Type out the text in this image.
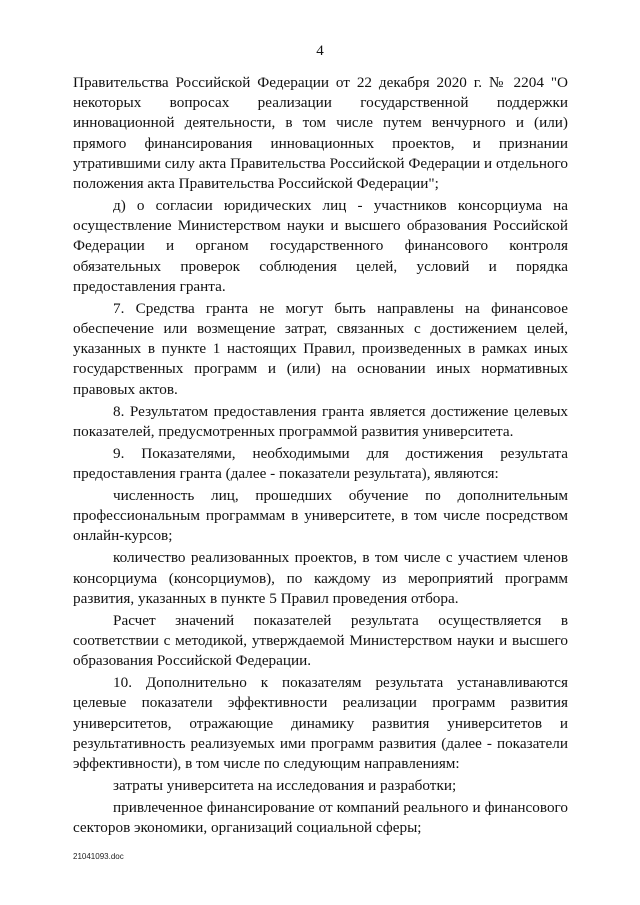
4

Правительства Российской Федерации от 22 декабря 2020 г. № 2204 "О некоторых вопросах реализации государственной поддержки инновационной деятельности, в том числе путем венчурного и (или) прямого финансирования инновационных проектов, и признании утратившими силу акта Правительства Российской Федерации и отдельного положения акта Правительства Российской Федерации";

д) о согласии юридических лиц - участников консорциума на осуществление Министерством науки и высшего образования Российской Федерации и органом государственного финансового контроля обязательных проверок соблюдения целей, условий и порядка предоставления гранта.

7. Средства гранта не могут быть направлены на финансовое обеспечение или возмещение затрат, связанных с достижением целей, указанных в пункте 1 настоящих Правил, произведенных в рамках иных государственных программ и (или) на основании иных нормативных правовых актов.

8. Результатом предоставления гранта является достижение целевых показателей, предусмотренных программой развития университета.

9. Показателями, необходимыми для достижения результата предоставления гранта (далее - показатели результата), являются:

численность лиц, прошедших обучение по дополнительным профессиональным программам в университете, в том числе посредством онлайн-курсов;

количество реализованных проектов, в том числе с участием членов консорциума (консорциумов), по каждому из мероприятий программ развития, указанных в пункте 5 Правил проведения отбора.

Расчет значений показателей результата осуществляется в соответствии с методикой, утверждаемой Министерством науки и высшего образования Российской Федерации.

10. Дополнительно к показателям результата устанавливаются целевые показатели эффективности реализации программ развития университетов, отражающие динамику развития университетов и результативность реализуемых ими программ развития (далее - показатели эффективности), в том числе по следующим направлениям:

затраты университета на исследования и разработки;

привлеченное финансирование от компаний реального и финансового секторов экономики, организаций социальной сферы;

21041093.doc
